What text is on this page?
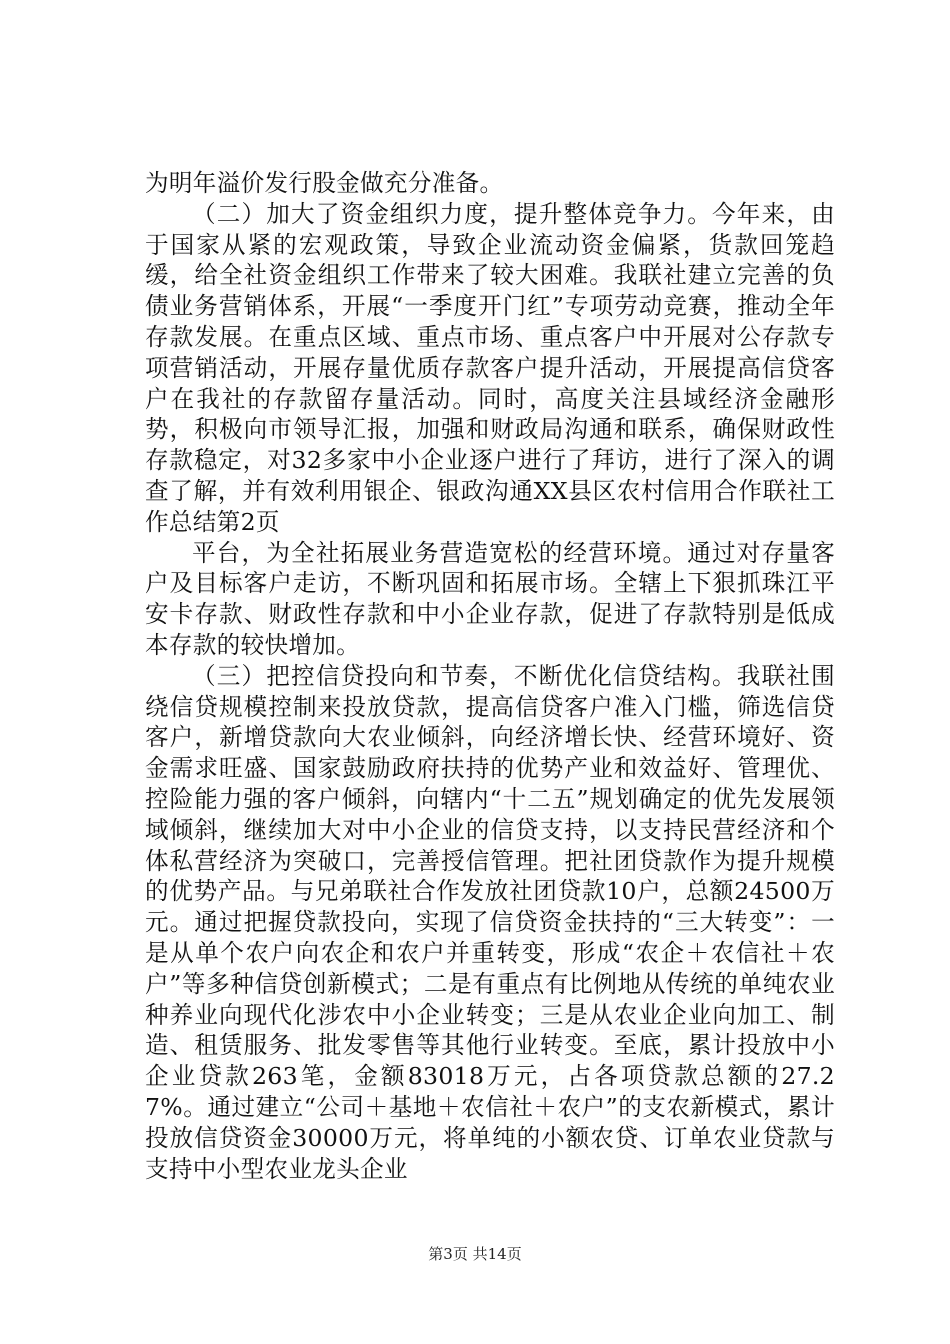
为明年溢价发行股金做充分准备。

（二）加大了资金组织力度，提升整体竞争力。今年来，由于国家从紧的宏观政策，导致企业流动资金偏紧，货款回笼趋缓，给全社资金组织工作带来了较大困难。我联社建立完善的负债业务营销体系，开展“一季度开门红”专项劳动竞赛，推动全年存款发展。在重点区域、重点市场、重点客户中开展对公存款专项营销活动，开展存量优质存款客户提升活动，开展提高信贷客户在我社的存款留存量活动。同时，高度关注县域经济金融形势，积极向市领导汇报，加强和财政局沟通和联系，确保财政性存款稳定，对32多家中小企业逐户进行了拜访，进行了深入的调查了解，并有效利用银企、银政沟通XX县区农村信用合作联社工作总结第2页

平台，为全社拓展业务营造宽松的经营环境。通过对存量客户及目标客户走访，不断巩固和拓展市场。全辖上下狠抓珠江平安卡存款、财政性存款和中小企业存款，促进了存款特别是低成本存款的较快增加。

（三）把控信贷投向和节奏，不断优化信贷结构。我联社围绕信贷规模控制来投放贷款，提高信贷客户准入门槛，筛选信贷客户，新增贷款向大农业倾斜，向经济增长快、经营环境好、资金需求旺盛、国家鼓励政府扶持的优势产业和效益好、管理优、控险能力强的客户倾斜，向辖内“十二五”规划确定的优先发展领域倾斜，继续加大对中小企业的信贷支持，以支持民营经济和个体私营经济为突破口，完善授信管理。把社团贷款作为提升规模的优势产品。与兄弟联社合作发放社团贷款10户，总额24500万元。通过把握贷款投向，实现了信贷资金扶持的“三大转变”：一是从单个农户向农企和农户并重转变，形成“农企＋农信社＋农户”等多种信贷创新模式；二是有重点有比例地从传统的单纯农业种养业向现代化涉农中小企业转变；三是从农业企业向加工、制造、租赁服务、批发零售等其他行业转变。至底，累计投放中小企业贷款263笔，金额83018万元，占各项贷款总额的27.27%。通过建立“公司＋基地＋农信社＋农户”的支农新模式，累计投放信贷资金30000万元，将单纯的小额农贷、订单农业贷款与支持中小型农业龙头企业

第3页 共14页
